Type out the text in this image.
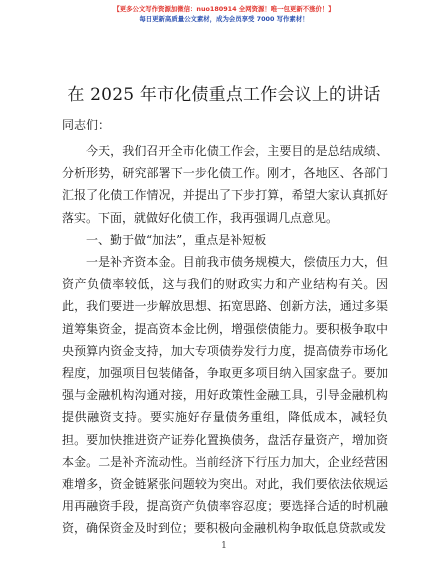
【更多公文写作资源加微信：nuo180914 全网资源！唯一包更新不涨价！】
每日更新高质量公文素材，成为会员享受 7000 写作素材！
在 2025 年市化债重点工作会议上的讲话
同志们：

今天，我们召开全市化债工作会，主要目的是总结成绩、分析形势，研究部署下一步化债工作。刚才，各地区、各部门汇报了化债工作情况，并提出了下步打算，希望大家认真抓好落实。下面，就做好化债工作，我再强调几点意见。

一、勤于做“加法”，重点是补短板

一是补齐资本金。目前我市债务规模大，偿债压力大，但资产负债率较低，这与我们的财政实力和产业结构有关。因此，我们要进一步解放思想、拓宽思路、创新方法，通过多渠道筹集资金，提高资本金比例，增强偿债能力。要积极争取中央预算内资金支持，加大专项债券发行力度，提高债券市场化程度，加强项目包装储备，争取更多项目纳入国家盘子。要加强与金融机构沟通对接，用好政策性金融工具，引导金融机构提供融资支持。要实施好存量债务重组，降低成本，减轻负担。要加快推进资产证券化置换债务，盘活存量资产，增加资本金。二是补齐流动性。当前经济下行压力加大，企业经营困难增多，资金链紧张问题较为突出。对此，我们要依法依规运用再融资手段，提高资产负债率容忍度；要选择合适的时机融资，确保资金及时到位；要积极向金融机构争取低息贷款或发

1
